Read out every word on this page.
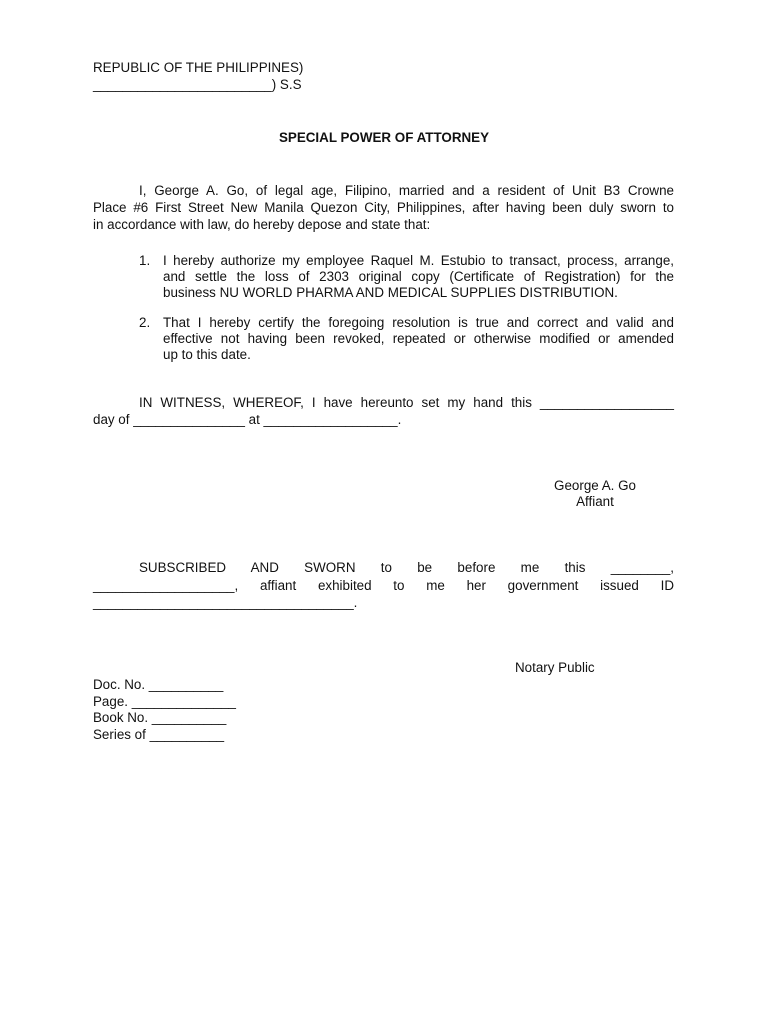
REPUBLIC OF THE PHILIPPINES)
________________________) S.S
SPECIAL POWER OF ATTORNEY
I, George A. Go, of legal age, Filipino, married and a resident of Unit B3 Crowne
Place #6 First Street New Manila Quezon City, Philippines, after having been duly sworn to
in accordance with law, do hereby depose and state that:
1. I hereby authorize my employee Raquel M. Estubio to transact, process, arrange,
and settle the loss of 2303 original copy (Certificate of Registration) for the
business NU WORLD PHARMA AND MEDICAL SUPPLIES DISTRIBUTION.
2. That I hereby certify the foregoing resolution is true and correct and valid and
effective not having been revoked, repeated or otherwise modified or amended
up to this date.
IN WITNESS, WHEREOF, I have hereunto set my hand this __________________
day of _______________ at __________________.
George A. Go
Affiant
SUBSCRIBED AND SWORN to be before me this ________,
___________________, affiant exhibited to me her government issued ID
___________________________________.
Notary Public
Doc. No. __________
Page. ______________
Book No. __________
Series of __________
